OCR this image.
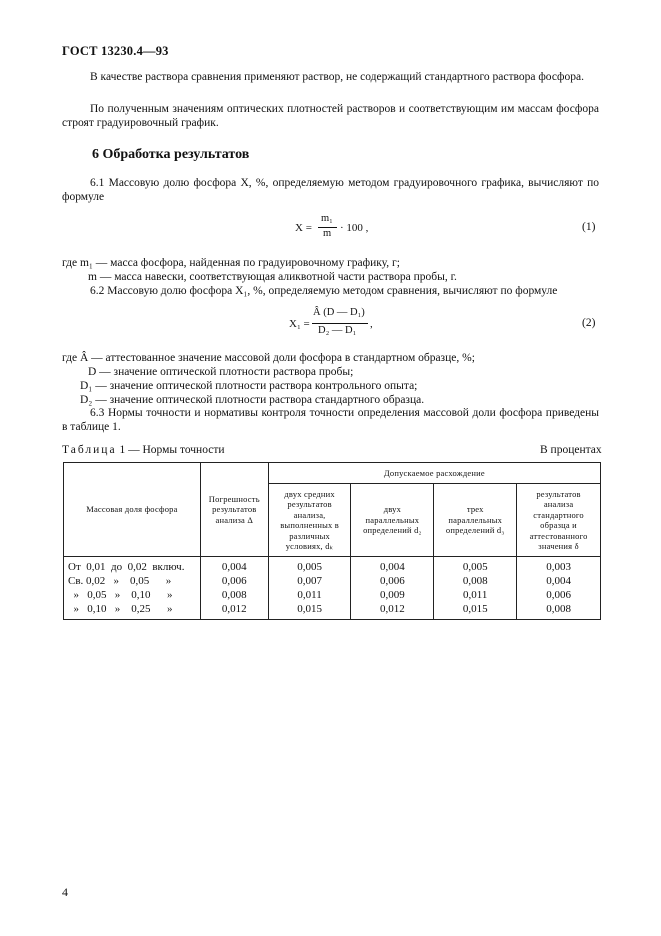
ГОСТ 13230.4—93
В качестве раствора сравнения применяют раствор, не содержащий стандартного раствора фосфора.
По полученным значениям оптических плотностей растворов и соответствующим им массам фосфора строят градуировочный график.
6 Обработка результатов
6.1 Массовую долю фосфора X, %, определяемую методом градуировочного графика, вычисляют по формуле
X =
m₁
m · 100 ,	(1)
где m₁ — масса фосфора, найденная по градуировочному графику, г;
m — масса навески, соответствующая аликвотной части раствора пробы, г.
6.2 Массовую долю фосфора X₁, %, определяемую методом сравнения, вычисляют по формуле
X₁ =
Â (D — D₁)
D₂ — D₁
,	(2)
где Â — аттестованное значение массовой доли фосфора в стандартном образце, %;
D — значение оптической плотности раствора пробы;
D₁ — значение оптической плотности раствора контрольного опыта;
D₂ — значение оптической плотности раствора стандартного образца.
6.3 Нормы точности и нормативы контроля точности определения массовой доли фосфора приведены в таблице 1.
Таблица 1 — Нормы точности	В процентах
Массовая доля фосфора	Погрешность результатов анализа Δ	Допускаемое расхождение			
		двух средних результатов анализа, выполненных в различных условиях, dₖ	двух параллельных определений d₂	трех параллельных определений d₃	результатов анализа стандартного образца и аттестованного значения δ
От  0,01  до  0,02  включ.	0,004	0,005	0,004	0,005	0,003
Св. 0,02   »    0,05      »	0,006	0,007	0,006	0,008	0,004
»   0,05   »    0,10      »	0,008	0,011	0,009	0,011	0,006
»   0,10   »    0,25      »	0,012	0,015	0,012	0,015	0,008
4
